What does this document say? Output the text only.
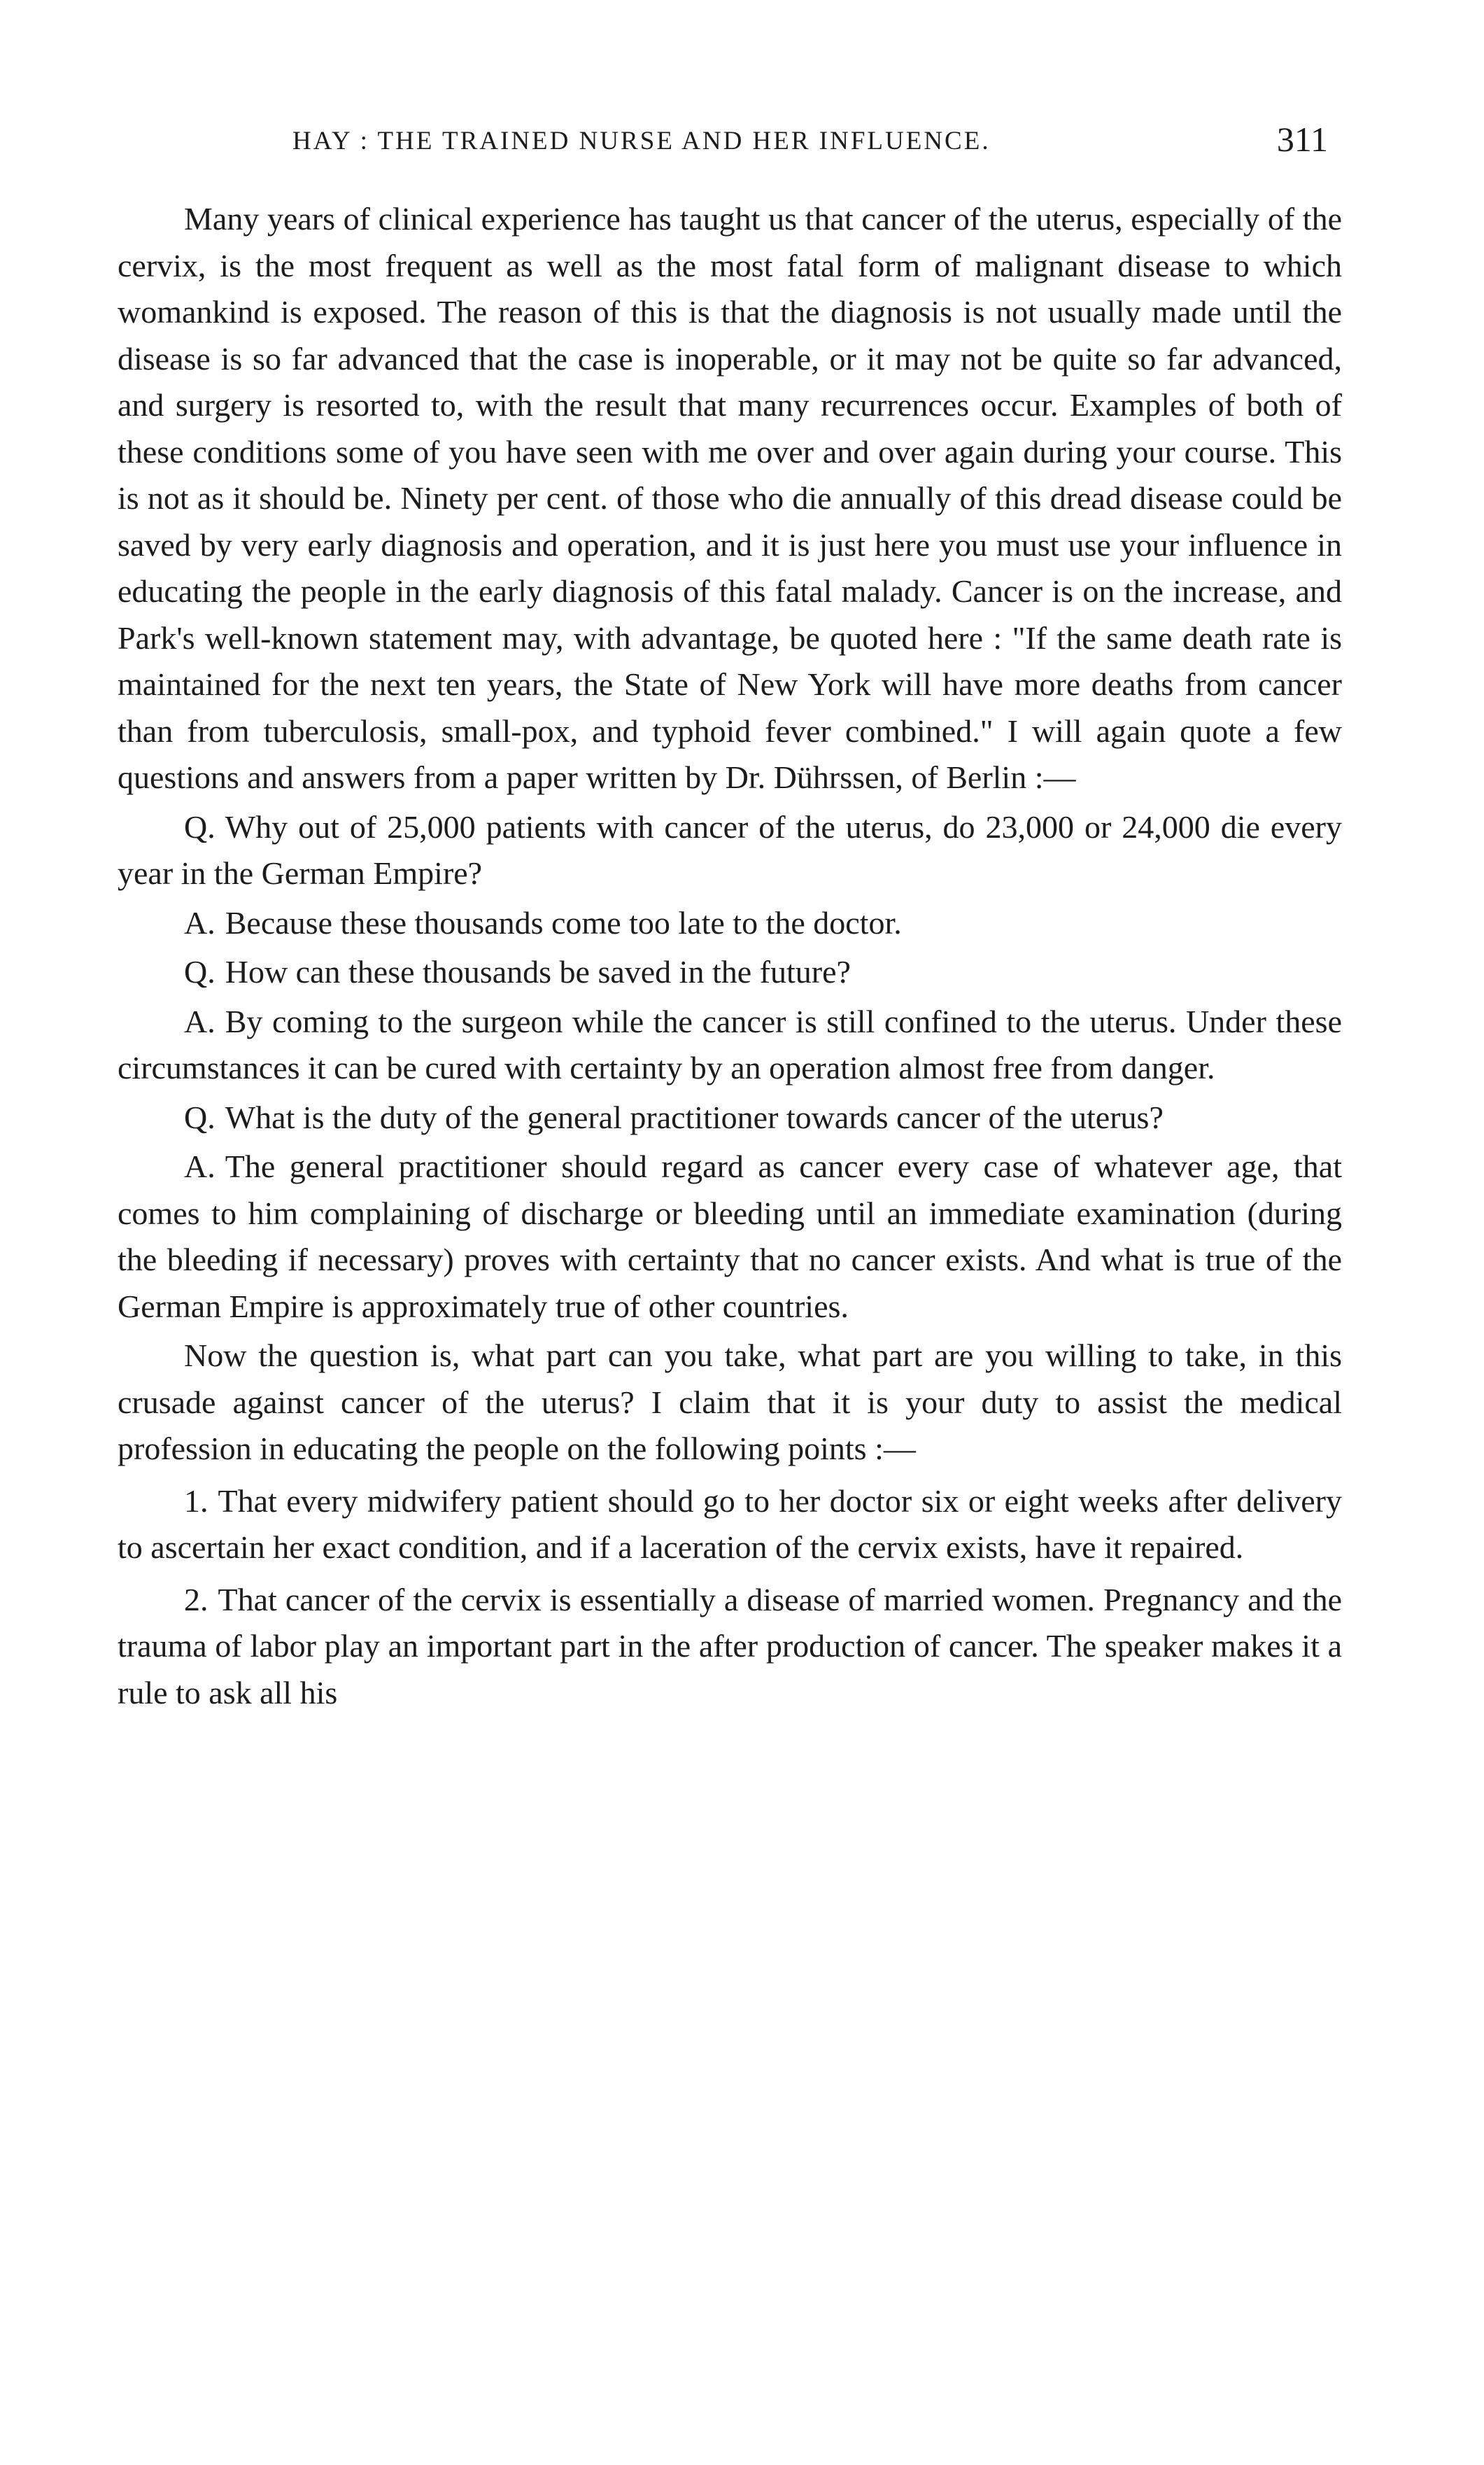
HAY : THE TRAINED NURSE AND HER INFLUENCE.	311

Many years of clinical experience has taught us that cancer of the uterus, especially of the cervix, is the most frequent as well as the most fatal form of malignant disease to which womankind is exposed. The reason of this is that the diagnosis is not usually made until the disease is so far advanced that the case is inoperable, or it may not be quite so far advanced, and surgery is resorted to, with the result that many recurrences occur. Examples of both of these conditions some of you have seen with me over and over again during your course. This is not as it should be. Ninety per cent. of those who die annually of this dread disease could be saved by very early diagnosis and operation, and it is just here you must use your influence in educating the people in the early diagnosis of this fatal malady. Cancer is on the increase, and Park's well-known statement may, with advantage, be quoted here : "If the same death rate is maintained for the next ten years, the State of New York will have more deaths from cancer than from tuberculosis, small-pox, and typhoid fever combined." I will again quote a few questions and answers from a paper written by Dr. Dührssen, of Berlin :—

Q. Why out of 25,000 patients with cancer of the uterus, do 23,000 or 24,000 die every year in the German Empire?

A. Because these thousands come too late to the doctor.

Q. How can these thousands be saved in the future?

A. By coming to the surgeon while the cancer is still confined to the uterus. Under these circumstances it can be cured with certainty by an operation almost free from danger.

Q. What is the duty of the general practitioner towards cancer of the uterus?

A. The general practitioner should regard as cancer every case of whatever age, that comes to him complaining of discharge or bleeding until an immediate examination (during the bleeding if necessary) proves with certainty that no cancer exists. And what is true of the German Empire is approximately true of other countries.

Now the question is, what part can you take, what part are you willing to take, in this crusade against cancer of the uterus? I claim that it is your duty to assist the medical profession in educating the people on the following points :—

1. That every midwifery patient should go to her doctor six or eight weeks after delivery to ascertain her exact condition, and if a laceration of the cervix exists, have it repaired.

2. That cancer of the cervix is essentially a disease of married women. Pregnancy and the trauma of labor play an important part in the after production of cancer. The speaker makes it a rule to ask all his
